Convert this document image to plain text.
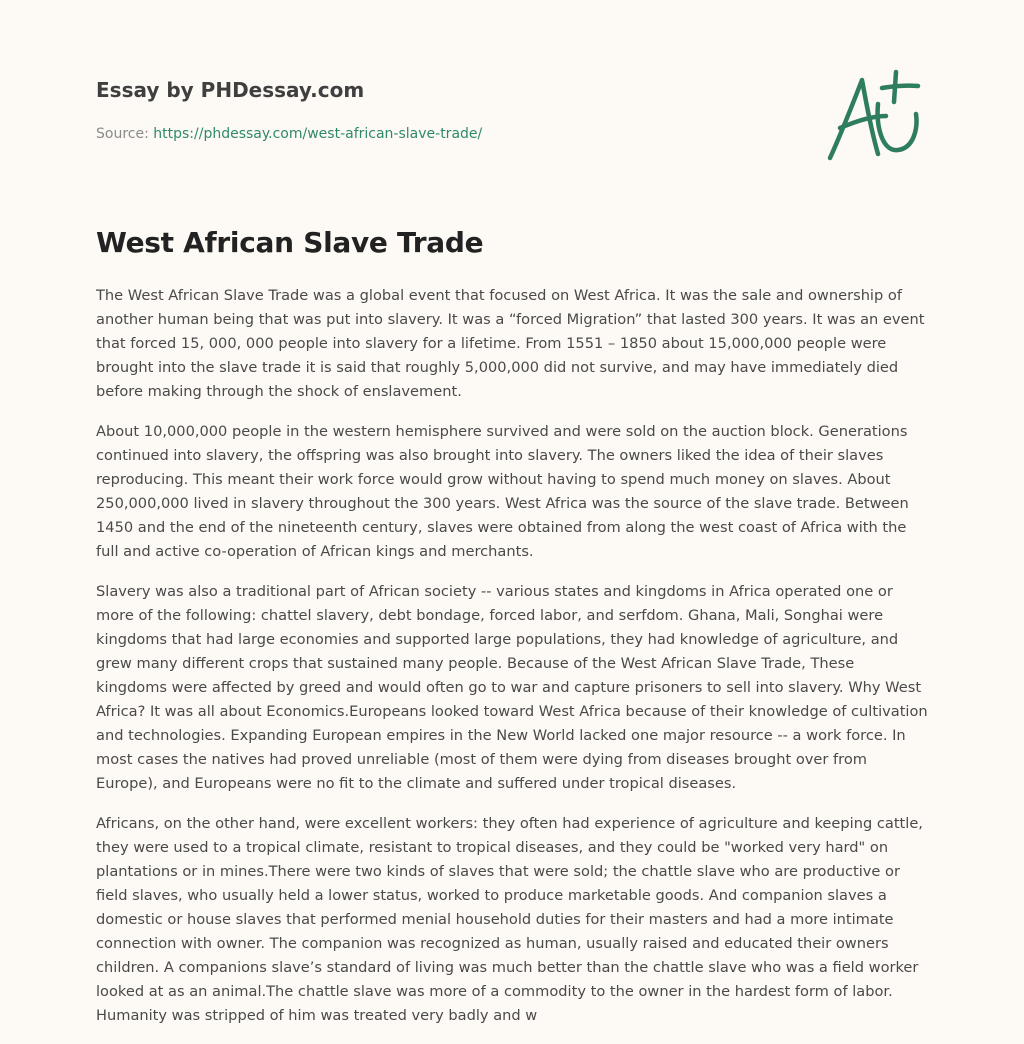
Essay by PHDessay.com
Source: https://phdessay.com/west-african-slave-trade/
West African Slave Trade

The West African Slave Trade was a global event that focused on West Africa. It was the sale and ownership of another human being that was put into slavery. It was a “forced Migration” that lasted 300 years. It was an event that forced 15, 000, 000 people into slavery for a lifetime. From 1551 – 1850 about 15,000,000 people were brought into the slave trade it is said that roughly 5,000,000 did not survive, and may have immediately died before making through the shock of enslavement.

About 10,000,000 people in the western hemisphere survived and were sold on the auction block. Generations continued into slavery, the offspring was also brought into slavery. The owners liked the idea of their slaves reproducing. This meant their work force would grow without having to spend much money on slaves. About 250,000,000 lived in slavery throughout the 300 years. West Africa was the source of the slave trade. Between 1450 and the end of the nineteenth century, slaves were obtained from along the west coast of Africa with the full and active co-operation of African kings and merchants.

Slavery was also a traditional part of African society -- various states and kingdoms in Africa operated one or more of the following: chattel slavery, debt bondage, forced labor, and serfdom. Ghana, Mali, Songhai were kingdoms that had large economies and supported large populations, they had knowledge of agriculture, and grew many different crops that sustained many people. Because of the West African Slave Trade, These kingdoms were affected by greed and would often go to war and capture prisoners to sell into slavery. Why West Africa? It was all about Economics.Europeans looked toward West Africa because of their knowledge of cultivation and technologies. Expanding European empires in the New World lacked one major resource -- a work force. In most cases the natives had proved unreliable (most of them were dying from diseases brought over from Europe), and Europeans were no fit to the climate and suffered under tropical diseases.

Africans, on the other hand, were excellent workers: they often had experience of agriculture and keeping cattle, they were used to a tropical climate, resistant to tropical diseases, and they could be "worked very hard" on plantations or in mines.There were two kinds of slaves that were sold; the chattle slave who are productive or field slaves, who usually held a lower status, worked to produce marketable goods. And companion slaves a domestic or house slaves that performed menial household duties for their masters and had a more intimate connection with owner. The companion was recognized as human, usually raised and educated their owners children. A companions slave’s standard of living was much better than the chattle slave who was a field worker looked at as an animal.The chattle slave was more of a commodity to the owner in the hardest form of labor. Humanity was stripped of him was treated very badly and w
